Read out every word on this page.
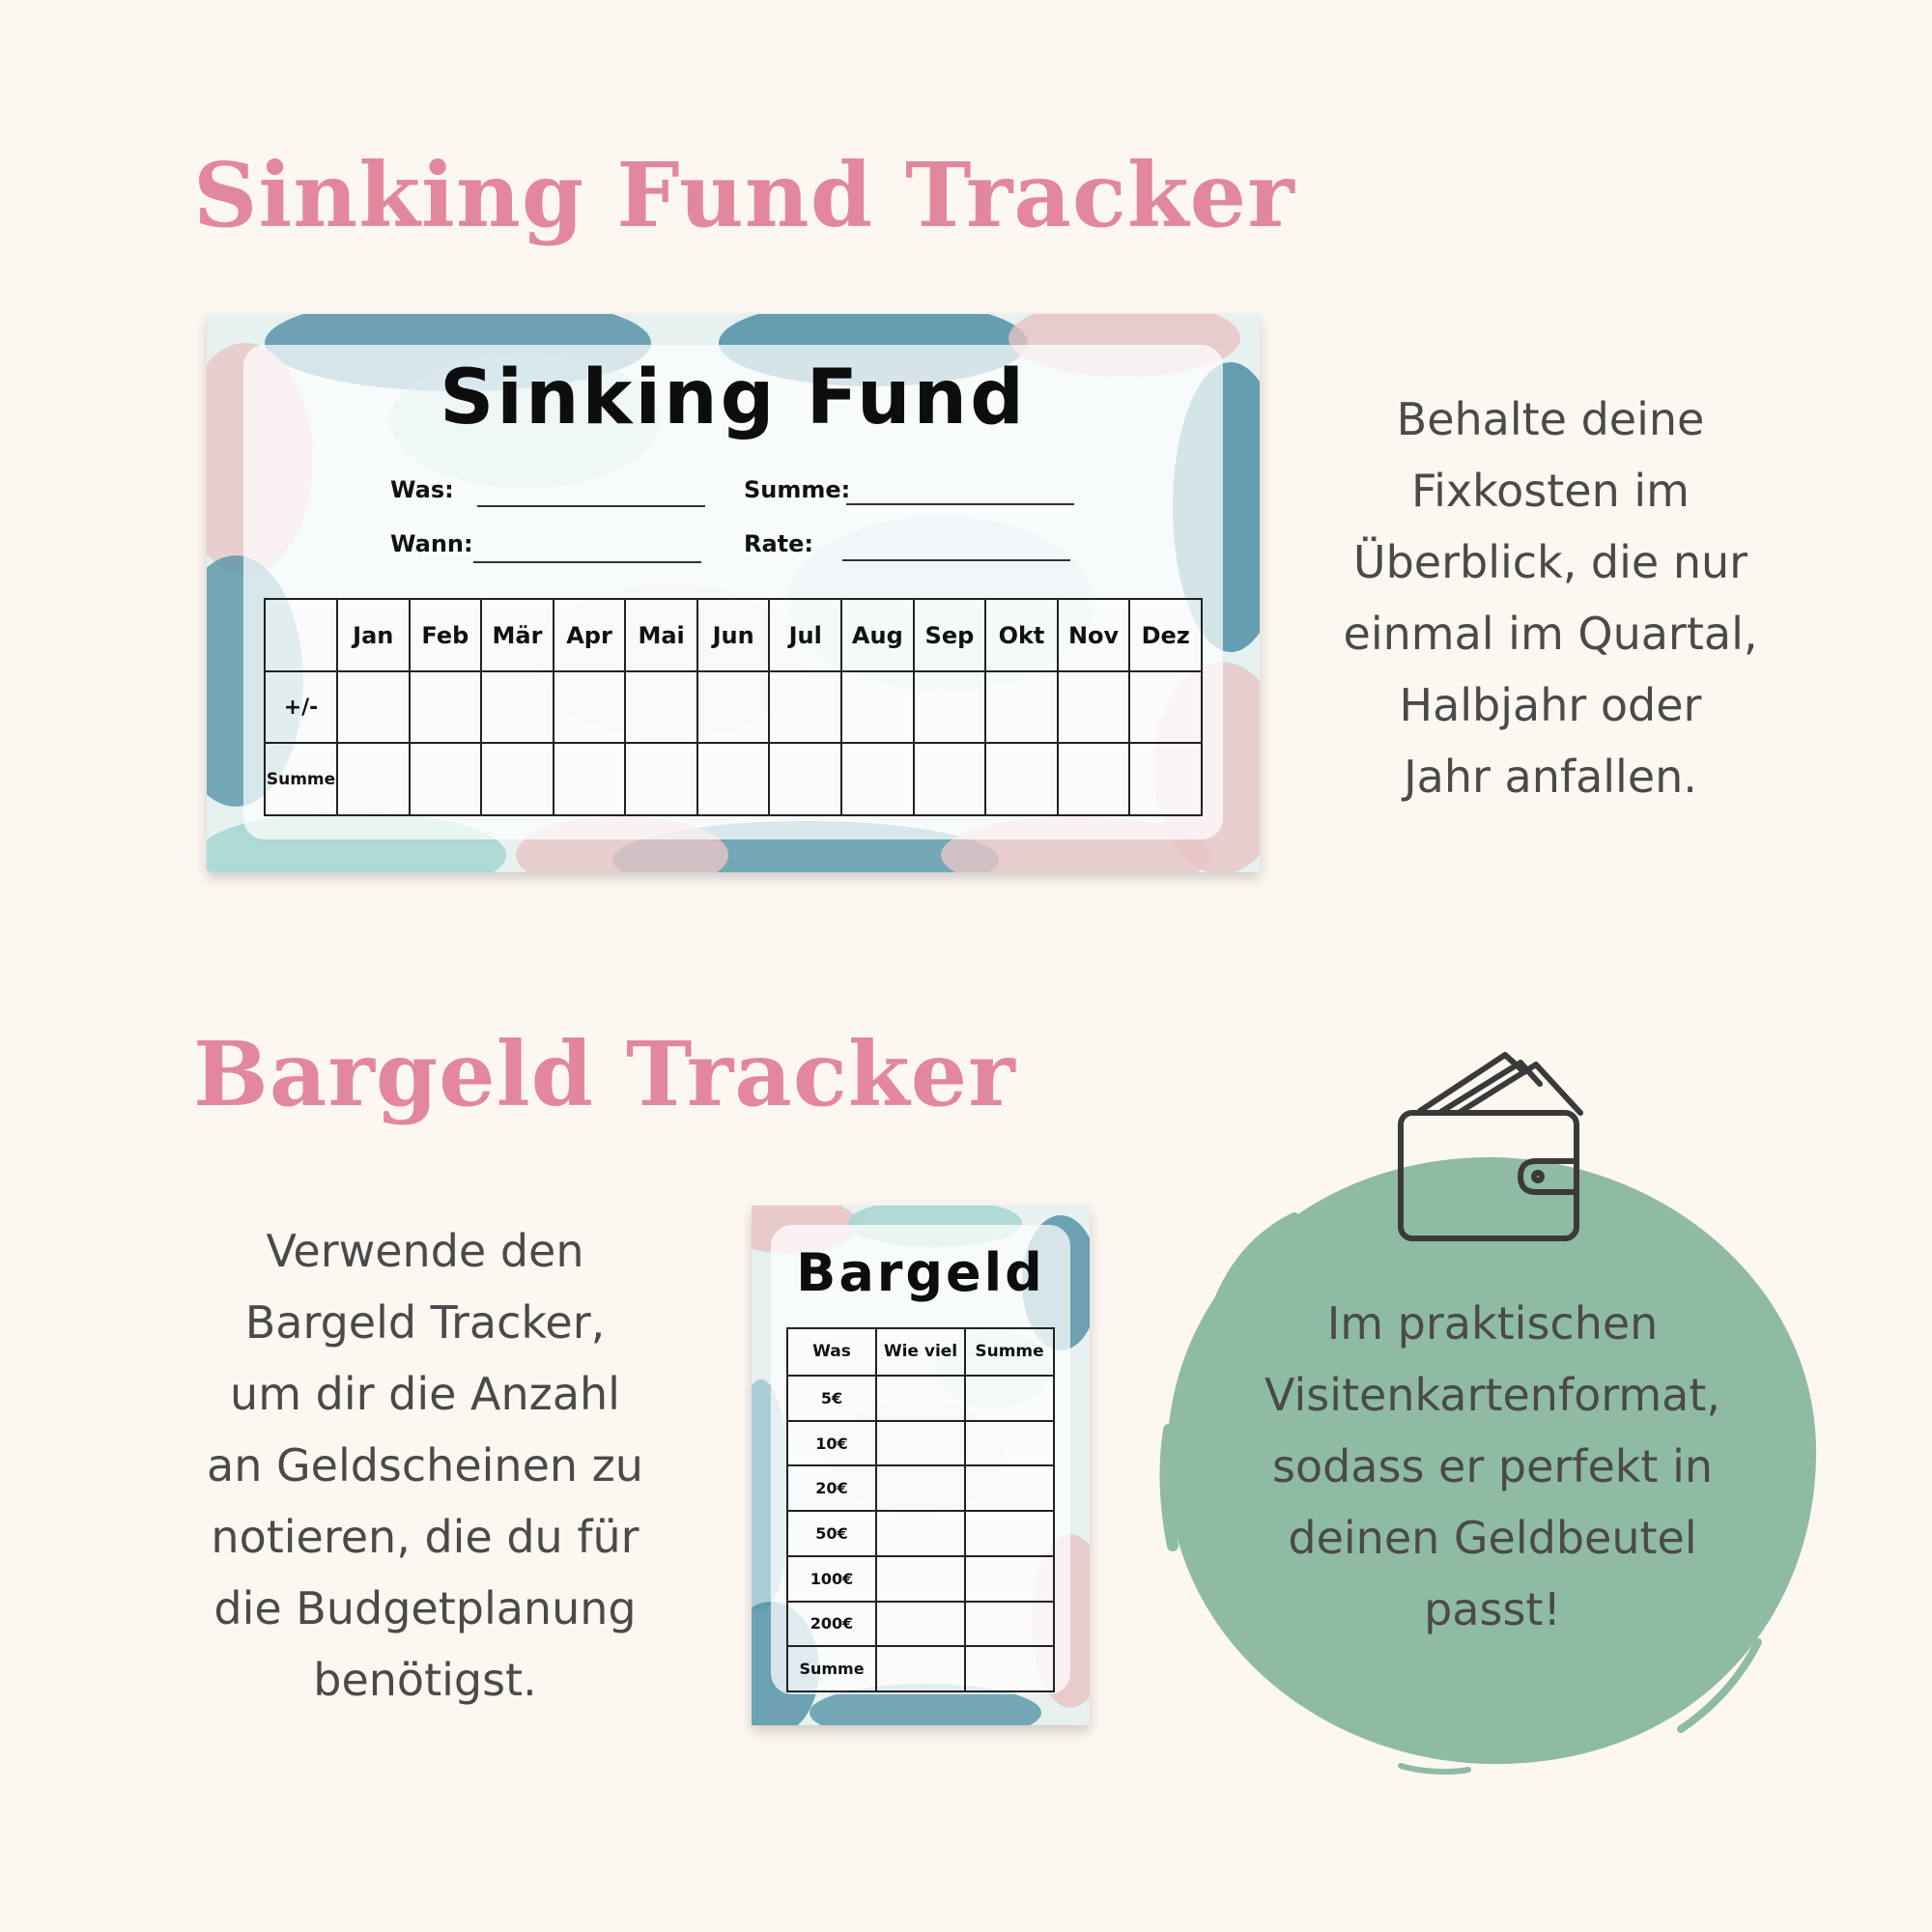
Sinking Fund Tracker
Sinking Fund
Was:	Summe:
Wann:	Rate:
	Jan	Feb	Mär	Apr	Mai	Jun	Jul	Aug	Sep	Okt	Nov	Dez
+/-												
Summe												

Behalte deine
Fixkosten im
Überblick, die nur
einmal im Quartal,
Halbjahr oder
Jahr anfallen.

Bargeld Tracker

Verwende den
Bargeld Tracker,
um dir die Anzahl
an Geldscheinen zu
notieren, die du für
die Budgetplanung
benötigst.

Bargeld
Was	Wie viel	Summe
5€		
10€		
20€		
50€		
100€		
200€		
Summe		

Im praktischen
Visitenkartenformat,
sodass er perfekt in
deinen Geldbeutel
passt!
